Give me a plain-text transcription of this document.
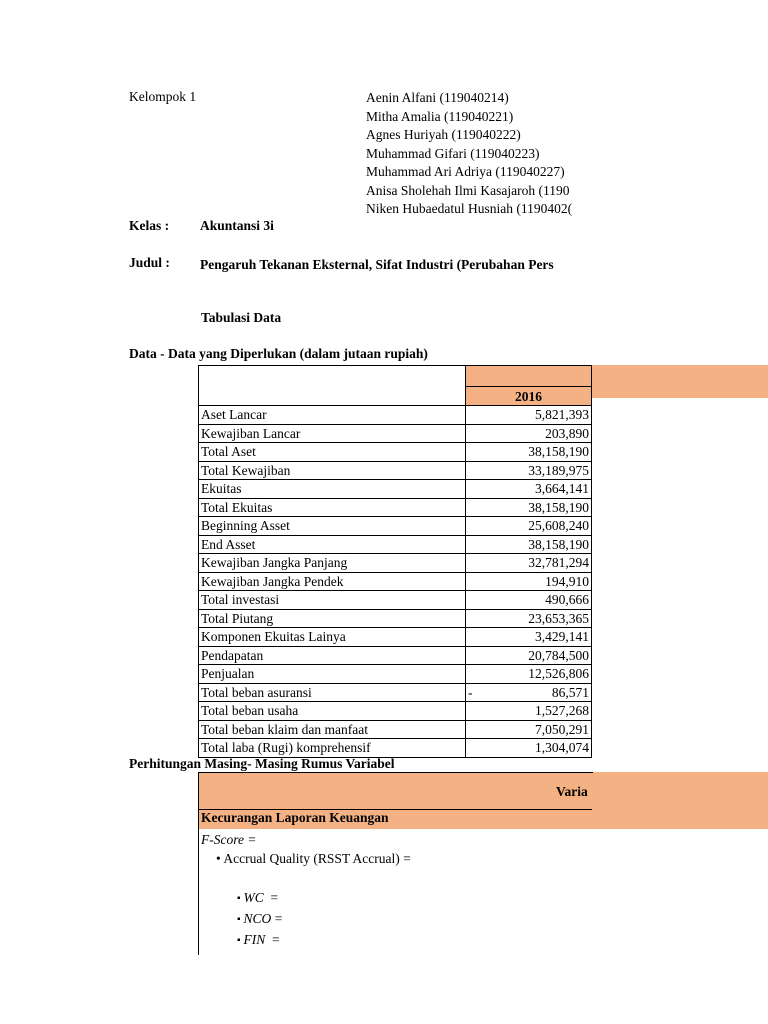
Kelompok 1	Aenin Alfani (119040214)
Mitha Amalia (119040221)
Agnes Huriyah (119040222)
Muhammad Gifari (119040223)
Muhammad Ari Adriya (119040227)
Anisa Sholehah Ilmi Kasajaroh (1190
Niken Hubaedatul Husniah (1190402(
Kelas : Akuntansi 3i
Judul : Pengaruh Tekanan Eksternal, Sifat Industri (Perubahan Pers
Tabulasi Data
Data - Data yang Diperlukan (dalam jutaan rupiah)

	2016
Aset Lancar	5,821,393
Kewajiban Lancar	203,890
Total Aset	38,158,190
Total Kewajiban	33,189,975
Ekuitas	3,664,141
Total Ekuitas	38,158,190
Beginning Asset	25,608,240
End Asset	38,158,190
Kewajiban Jangka Panjang	32,781,294
Kewajiban Jangka Pendek	194,910
Total investasi	490,666
Total Piutang	23,653,365
Komponen Ekuitas Lainya	3,429,141
Pendapatan	20,784,500
Penjualan	12,526,806
Total beban asuransi	- 86,571
Total beban usaha	1,527,268
Total beban klaim dan manfaat	7,050,291
Total laba (Rugi) komprehensif	1,304,074
Perhitungan Masing- Masing Rumus Variabel
Varia
Kecurangan Laporan Keuangan
F-Score =
• Accrual Quality (RSST Accrual) =
▪ WC  =
▪ NCO =
▪ FIN  =
